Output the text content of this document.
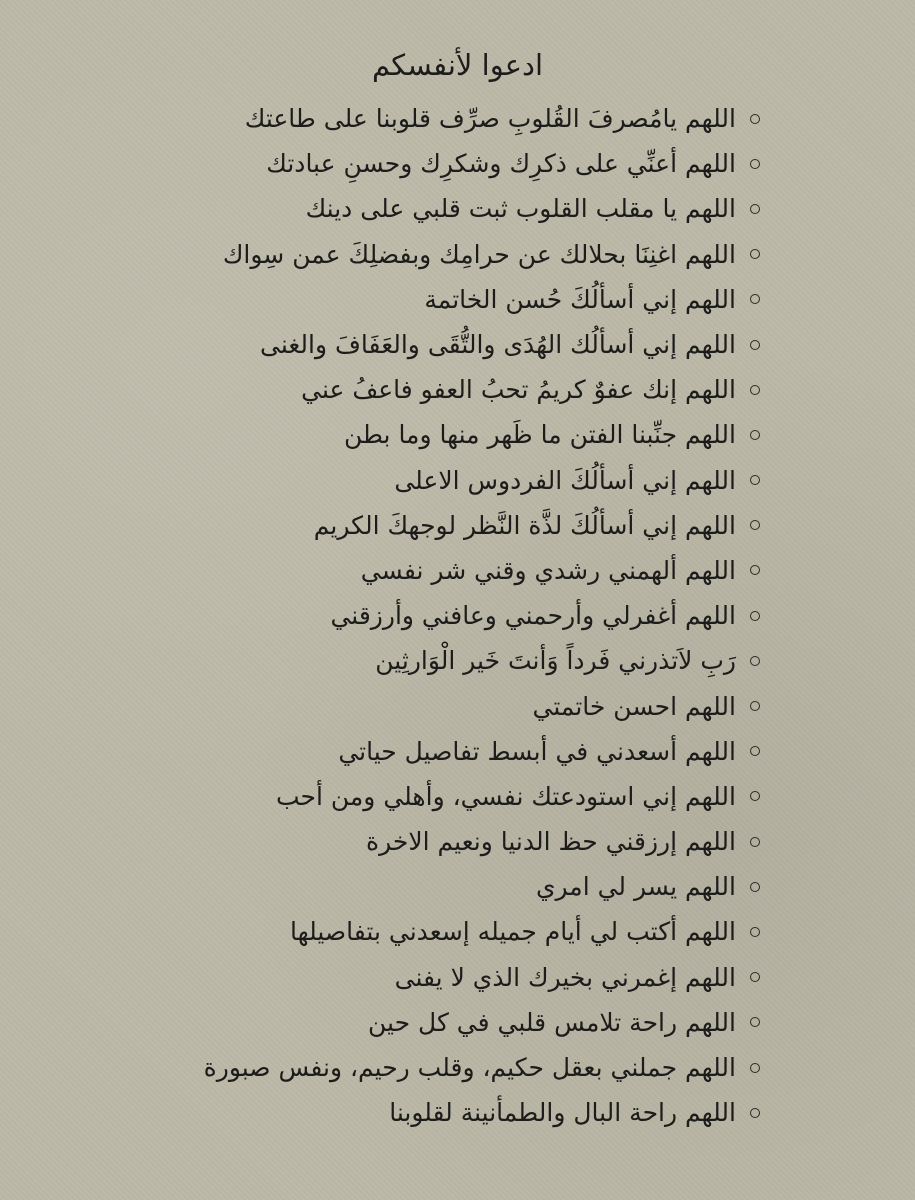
ادعوا لأنفسكم
اللهم يامُصرفَ القُلوبِ صرِّف قلوبنا على طاعتك
اللهم أعنِّي على ذكرِك وشكرِك وحسنِ عبادتك
اللهم يا مقلب القلوب ثبت قلبي على دينك
اللهم اغنِنَا بحلالك عن حرامِك وبفضلِكَ عمن سِواك
اللهم إني أسألُكَ حُسن الخاتمة
اللهم إني أسألُك الهُدَى والتُّقَى والعَفَافَ والغنى
اللهم إنك عفوٌ كريمُ تحبُ العفو فاعفُ عني
اللهم جنِّبنا الفتن ما ظَهر منها وما بطن
اللهم إني أسألُكَ الفردوس الاعلى
اللهم إني أسألُكَ لذَّة النَّظر لوجهكَ الكريم
اللهم ألهمني رشدي وقني شر نفسي
اللهم أغفرلي وأرحمني وعافني وأرزقني
رَبِ لاَتذرني فَرداً وَأنتَ خَير الْوَارثِين
اللهم احسن خاتمتي
اللهم أسعدني في أبسط تفاصيل حياتي
اللهم إني استودعتك نفسي، وأهلي ومن أحب
اللهم إرزقني حظ الدنيا ونعيم الاخرة
اللهم يسر لي امري
اللهم أكتب لي أيام جميله إسعدني بتفاصيلها
اللهم إغمرني بخيرك الذي لا يفنى
اللهم راحة تلامس قلبي في كل حين
اللهم جملني بعقل حكيم، وقلب رحيم، ونفس صبورة
اللهم راحة البال والطمأنينة لقلوبنا
